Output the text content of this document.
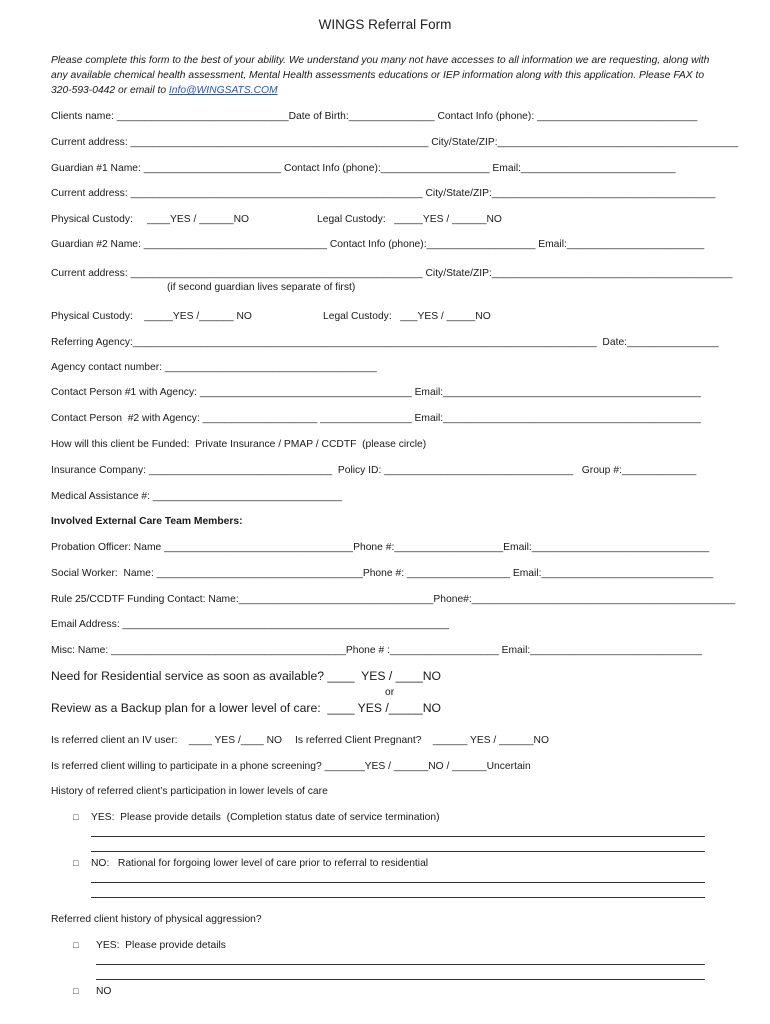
WINGS Referral Form
Please complete this form to the best of your ability. We understand you many not have accesses to all information we are requesting, along with any available chemical health assessment, Mental Health assessments educations or IEP information along with this application. Please FAX to 320-593-0442 or email to Info@WINGSATS.COM
Clients name: ______________________________Date of Birth:_______________ Contact Info (phone): ____________________________
Current address: ____________________________________________________ City/State/ZIP:__________________________________________
Guardian #1 Name: ________________________ Contact Info (phone):___________________ Email:___________________________
Current address: ___________________________________________________ City/State/ZIP:_______________________________________
Physical Custody:     ____YES / ______NO	Legal Custody:   _____YES / ______NO
Guardian #2 Name: ________________________________ Contact Info (phone):___________________ Email:________________________
Current address: ___________________________________________________ City/State/ZIP:__________________________________________
(if second guardian lives separate of first)
Physical Custody:    _____YES /______ NO	Legal Custody:   ___YES / _____NO
Referring Agency:_________________________________________________________________________________  Date:________________
Agency contact number: _____________________________________
Contact Person #1 with Agency: _____________________________________ Email:_____________________________________________
Contact Person  #2 with Agency: ____________________ ________________ Email:_____________________________________________
How will this client be Funded:  Private Insurance / PMAP / CCDTF  (please circle)
Insurance Company: ________________________________  Policy ID: _________________________________   Group #:_____________
Medical Assistance #: _________________________________
Involved External Care Team Members:
Probation Officer: Name _________________________________Phone #:___________________Email:_______________________________
Social Worker:  Name: ____________________________________Phone #: __________________ Email:______________________________
Rule 25/CCDTF Funding Contact: Name:__________________________________Phone#:______________________________________________
Email Address: _________________________________________________________
Misc: Name: _________________________________________Phone # :___________________ Email:______________________________
Need for Residential service as soon as available? ____  YES / ____NO
or
Review as a Backup plan for a lower level of care:  ____ YES /_____NO
Is referred client an IV user:    ____ YES /____ NO Is referred Client Pregnant?    ______ YES / ______NO
Is referred client willing to participate in a phone screening? _______YES / ______NO / ______Uncertain
History of referred client’s participation in lower levels of care
□ YES:  Please provide details  (Completion status date of service termination)
□ NO:   Rational for forgoing lower level of care prior to referral to residential
Referred client history of physical aggression?
□ YES:  Please provide details
□ NO
